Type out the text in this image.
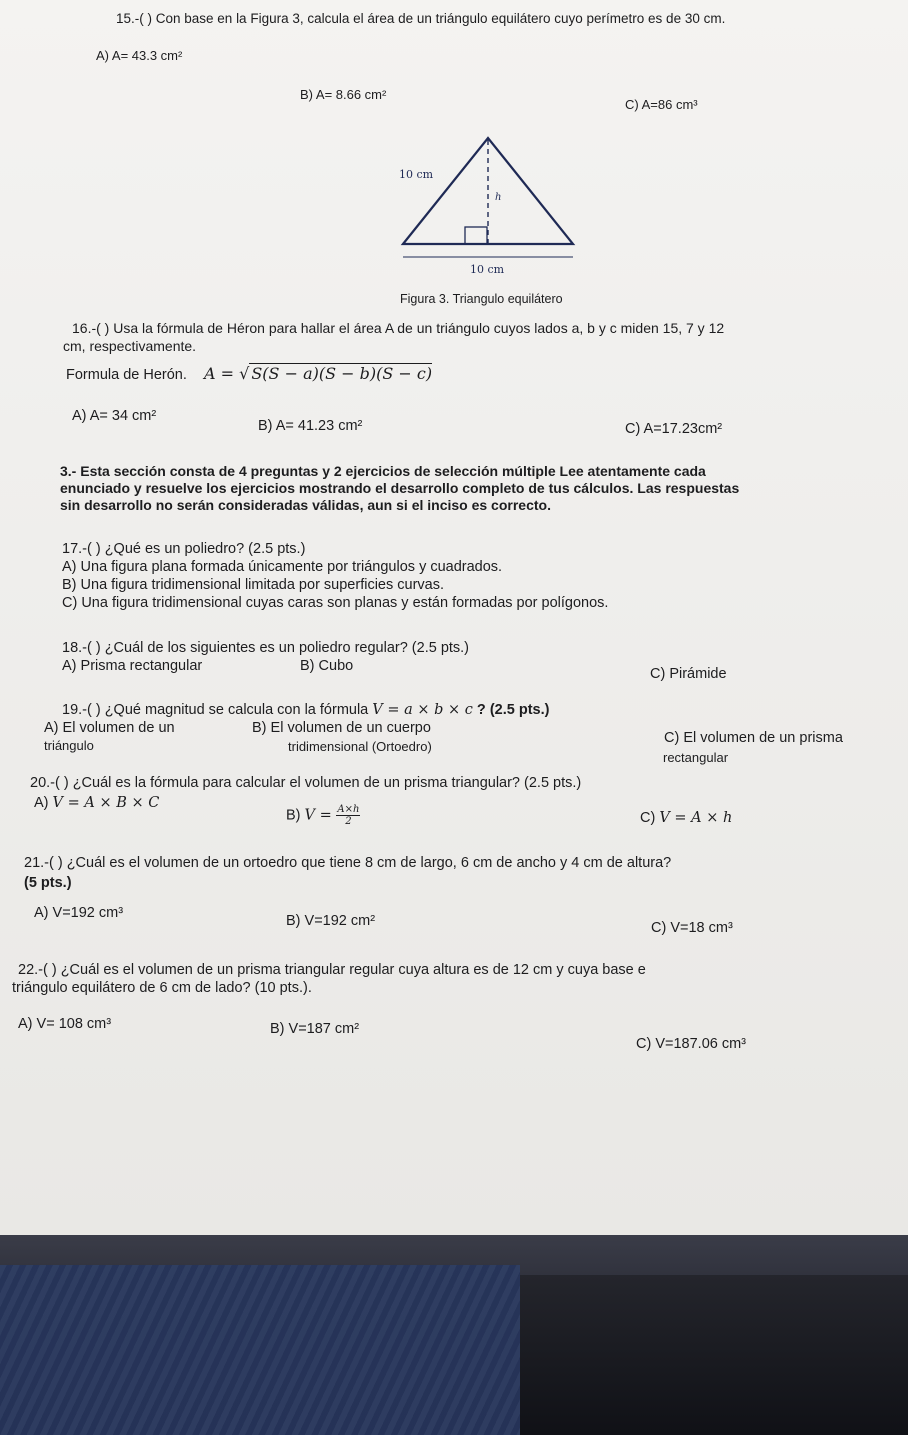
15.-( ) Con base en la Figura 3, calcula el área de un triángulo equilátero cuyo perímetro es de 30 cm.
A) A= 43.3 cm²
B) A= 8.66 cm²
C) A=86 cm³
10 cm
h
10 cm
Figura 3. Triangulo equilátero
16.-( ) Usa la fórmula de Héron para hallar el área A de un triángulo cuyos lados a, b y c miden 15, 7 y 12
cm, respectivamente.
Formula de Herón. A = √ S(S − a)(S − b)(S − c)
A) A= 34 cm²
B) A= 41.23 cm²	C) A=17.23cm²
3.- Esta sección consta de 4 preguntas y 2 ejercicios de selección múltiple Lee atentamente cada
enunciado y resuelve los ejercicios mostrando el desarrollo completo de tus cálculos. Las respuestas
sin desarrollo no serán consideradas válidas, aun si el inciso es correcto.
17.-( ) ¿Qué es un poliedro? (2.5 pts.)
A) Una figura plana formada únicamente por triángulos y cuadrados.
B) Una figura tridimensional limitada por superficies curvas.
C) Una figura tridimensional cuyas caras son planas y están formadas por polígonos.
18.-( ) ¿Cuál de los siguientes es un poliedro regular? (2.5 pts.)
A) Prisma rectangular	B) Cubo	C) Pirámide
19.-( ) ¿Qué magnitud se calcula con la fórmula V = a × b × c ? (2.5 pts.)
A) El volumen de un
triángulo
B) El volumen de un cuerpo
tridimensional (Ortoedro)
C) El volumen de un prisma
rectangular
20.-( ) ¿Cuál es la fórmula para calcular el volumen de un prisma triangular? (2.5 pts.)
A) V = A × B × C
B) $V = \frac{A\times h}{2}$	C) V = A × h
21.-( ) ¿Cuál es el volumen de un ortoedro que tiene 8 cm de largo, 6 cm de ancho y 4 cm de altura?
(5 pts.)
A) V=192 cm³	B) V=192 cm²	C) V=18 cm³
22.-( ) ¿Cuál es el volumen de un prisma triangular regular cuya altura es de 12 cm y cuya base e
triángulo equilátero de 6 cm de lado? (10 pts.).
A) V= 108 cm³	B) V=187 cm²
C) V=187.06 cm³
